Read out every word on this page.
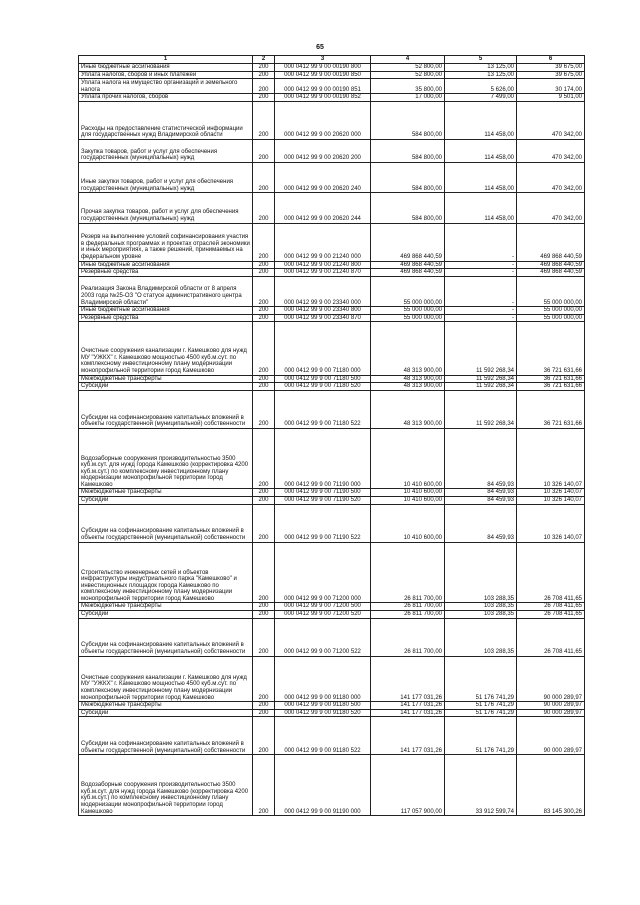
65
1	2	3	4	5	6
Иные бюджетные ассигнования	200	000 0412 99 9 00 00190 800	52 800,00	13 125,00	39 675,00
Уплата налогов, сборов и иных платежей	200	000 0412 99 9 00 00190 850	52 800,00	13 125,00	39 675,00
Уплата налога на имущество организаций и земельного налога	200	000 0412 99 9 00 00190 851	35 800,00	5 626,00	30 174,00
Уплата прочих налогов, сборов	200	000 0412 99 9 00 00190 852	17 000,00	7 499,00	9 501,00
Расходы на предоставление статистической информации для государственных нужд Владимирской области	200	000 0412 99 9 00 20620 000	584 800,00	114 458,00	470 342,00
Закупка товаров, работ и услуг для обеспечения государственных (муниципальных) нужд	200	000 0412 99 9 00 20620 200	584 800,00	114 458,00	470 342,00
Иные закупки товаров, работ и услуг для обеспечения государственных (муниципальных) нужд	200	000 0412 99 9 00 20620 240	584 800,00	114 458,00	470 342,00
Прочая закупка товаров, работ и услуг для обеспечения государственных (муниципальных) нужд	200	000 0412 99 9 00 20620 244	584 800,00	114 458,00	470 342,00
Резерв на выполнение условий софинансирования участия в федеральных программах и проектах отраслей экономики и иных мероприятиях, а также решений, принимаемых на федеральном уровне	200	000 0412 99 9 00 21240 000	469 868 440,59	-	469 868 440,59
Иные бюджетные ассигнования	200	000 0412 99 9 00 21240 800	469 868 440,59	-	469 868 440,59
Резервные средства	200	000 0412 99 9 00 21240 870	469 868 440,59	-	469 868 440,59
Реализация Закона Владимирской области от 8 апреля 2003 года №25-ОЗ "О статусе административного центра Владимирской области"	200	000 0412 99 9 00 23340 000	55 000 000,00	-	55 000 000,00
Иные бюджетные ассигнования	200	000 0412 99 9 00 23340 800	55 000 000,00	-	55 000 000,00
Резервные средства	200	000 0412 99 9 00 23340 870	55 000 000,00	-	55 000 000,00
Очистные сооружения канализации г. Камешково для нужд МУ "УЖКХ" г. Камешково мощностью 4500 куб.м.сут. по комплексному инвестиционному плану модернизации монопрофильной территории город Камешково	200	000 0412 99 9 00 71180 000	48 313 900,00	11 592 268,34	36 721 631,66
Межбюджетные трансферты	200	000 0412 99 9 00 71180 500	48 313 900,00	11 592 268,34	36 721 631,66
Субсидии	200	000 0412 99 9 00 71180 520	48 313 900,00	11 592 268,34	36 721 631,66
Субсидии на софинансирование капитальных вложений в объекты государственной (муниципальной) собственности	200	000 0412 99 9 00 71180 522	48 313 900,00	11 592 268,34	36 721 631,66
Водозаборные сооружения производительностью 3500 куб.м.сут. для нужд города Камешково (корректировка 4200 куб.м.сут.) по комплексному инвестиционному плану модернизации монопрофильной территории город Камешково	200	000 0412 99 9 00 71190 000	10 410 600,00	84 459,93	10 326 140,07
Межбюджетные трансферты	200	000 0412 99 9 00 71190 500	10 410 600,00	84 459,93	10 326 140,07
Субсидии	200	000 0412 99 9 00 71190 520	10 410 600,00	84 459,93	10 326 140,07
Субсидии на софинансирование капитальных вложений в объекты государственной (муниципальной) собственности	200	000 0412 99 9 00 71190 522	10 410 600,00	84 459,93	10 326 140,07
Строительство инженерных сетей и объектов инфраструктуры индустриального парка "Камешково" и инвестиционных площадок города Камешково по комплексному инвестиционному плану модернизации монопрофильной территории город Камешково	200	000 0412 99 9 00 71200 000	26 811 700,00	103 288,35	26 708 411,65
Межбюджетные трансферты	200	000 0412 99 9 00 71200 500	26 811 700,00	103 288,35	26 708 411,65
Субсидии	200	000 0412 99 9 00 71200 520	26 811 700,00	103 288,35	26 708 411,65
Субсидии на софинансирование капитальных вложений в объекты государственной (муниципальной) собственности	200	000 0412 99 9 00 71200 522	26 811 700,00	103 288,35	26 708 411,65
Очистные сооружения канализации г. Камешково для нужд МУ "УЖКХ" г. Камешково мощностью 4500 куб.м.сут. по комплексному инвестиционному плану модернизации монопрофильной территории город Камешково	200	000 0412 99 9 00 91180 000	141 177 031,26	51 176 741,29	90 000 289,97
Межбюджетные трансферты	200	000 0412 99 9 00 91180 500	141 177 031,26	51 176 741,29	90 000 289,97
Субсидии	200	000 0412 99 9 00 91180 520	141 177 031,26	51 176 741,29	90 000 289,97
Субсидии на софинансирование капитальных вложений в объекты государственной (муниципальной) собственности	200	000 0412 99 9 00 91180 522	141 177 031,26	51 176 741,29	90 000 289,97
Водозаборные сооружения производительностью 3500 куб.м.сут. для нужд города Камешково (корректировка 4200 куб.м.сут.) по комплексному инвестиционному плану модернизации монопрофильной территории город Камешково	200	000 0412 99 9 00 91190 000	117 057 900,00	33 912 599,74	83 145 300,26
